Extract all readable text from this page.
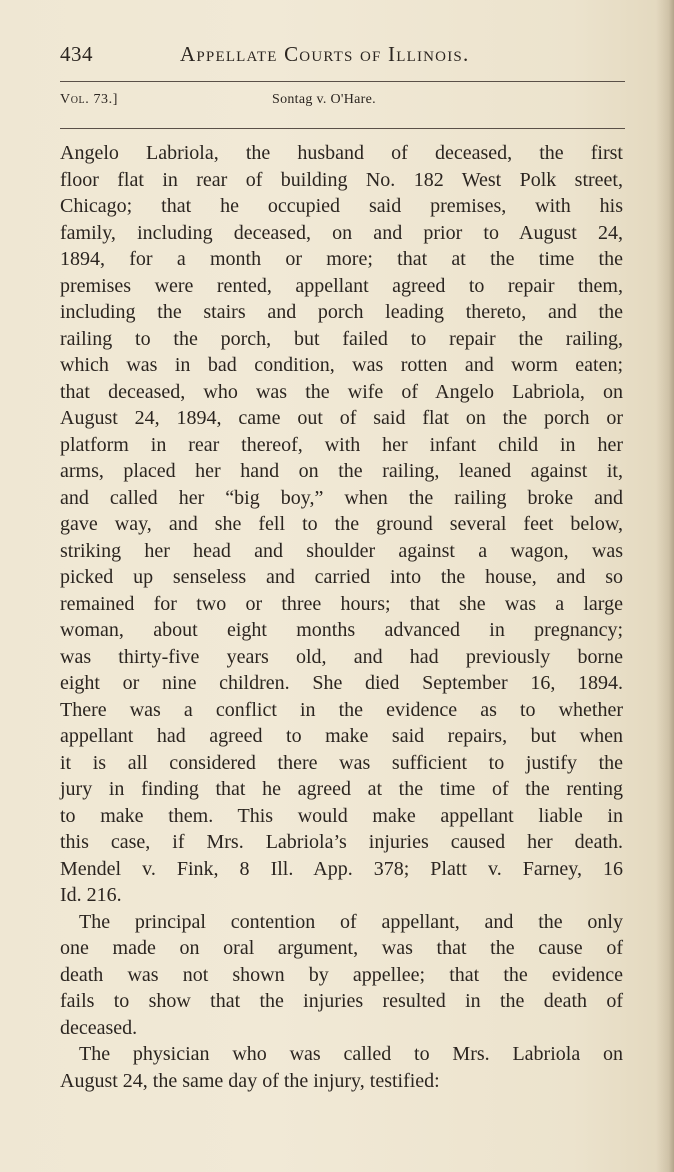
434	Appellate Courts of Illinois.
Vol. 73.]	Sontag v. O'Hare.
Angelo Labriola, the husband of deceased, the first
floor flat in rear of building No. 182 West Polk street,
Chicago; that he occupied said premises, with his
family, including deceased, on and prior to August 24,
1894, for a month or more; that at the time the
premises were rented, appellant agreed to repair them,
including the stairs and porch leading thereto, and the
railing to the porch, but failed to repair the railing,
which was in bad condition, was rotten and worm eaten;
that deceased, who was the wife of Angelo Labriola, on
August 24, 1894, came out of said flat on the porch or
platform in rear thereof, with her infant child in her
arms, placed her hand on the railing, leaned against it,
and called her “big boy,” when the railing broke and
gave way, and she fell to the ground several feet below,
striking her head and shoulder against a wagon, was
picked up senseless and carried into the house, and so
remained for two or three hours; that she was a large
woman, about eight months advanced in pregnancy;
was thirty-five years old, and had previously borne
eight or nine children. She died September 16, 1894.
There was a conflict in the evidence as to whether
appellant had agreed to make said repairs, but when
it is all considered there was sufficient to justify the
jury in finding that he agreed at the time of the renting
to make them. This would make appellant liable in
this case, if Mrs. Labriola’s injuries caused her death.
Mendel v. Fink, 8 Ill. App. 378; Platt v. Farney, 16
Id. 216.
The principal contention of appellant, and the only
one made on oral argument, was that the cause of
death was not shown by appellee; that the evidence
fails to show that the injuries resulted in the death of
deceased.
The physician who was called to Mrs. Labriola on
August 24, the same day of the injury, testified:
